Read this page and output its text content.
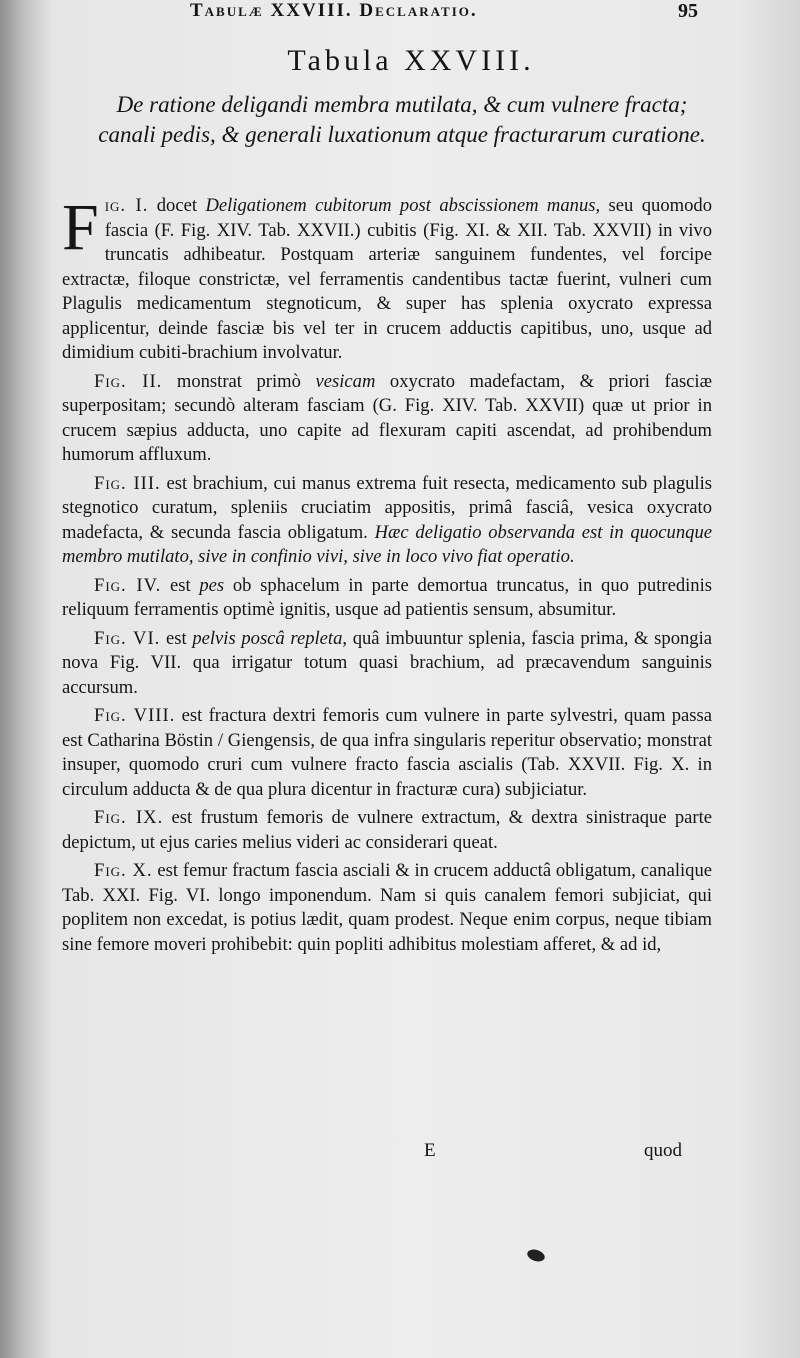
Tabulæ XXVIII. Declaratio.	95
Tabula XXVIII.
De ratione deligandi membra mutilata, & cum vulnere fracta; canali pedis, & generali luxationum atque fracturarum curatione.

Fig. I. docet Deligationem cubitorum post abscissionem manus, seu quomodo fascia (F. Fig. XIV. Tab. XXVII.) cubitis (Fig. XI. & XII. Tab. XXVII) in vivo truncatis adhibeatur. Postquam arteriæ sanguinem fundentes, vel forcipe extractæ, filoque constrictæ, vel ferramentis candentibus tactæ fuerint, vulneri cum Plagulis medicamentum stegnoticum, & super has splenia oxycrato expressa applicentur, deinde fasciæ bis vel ter in crucem adductis capitibus, uno, usque ad dimidium cubiti-brachium involvatur.

Fig. II. monstrat primò vesicam oxycrato madefactam, & priori fasciæ superpositam; secundò alteram fasciam (G. Fig. XIV. Tab. XXVII) quæ ut prior in crucem sæpius adducta, uno capite ad flexuram capiti ascendat, ad prohibendum humorum affluxum.

Fig. III. est brachium, cui manus extrema fuit resecta, medicamento sub plagulis stegnotico curatum, spleniis cruciatim appositis, primâ fasciâ, vesica oxycrato madefacta, & secunda fascia obligatum. Hæc deligatio observanda est in quocunque membro mutilato, sive in confinio vivi, sive in loco vivo fiat operatio.

Fig. IV. est pes ob sphacelum in parte demortua truncatus, in quo putredinis reliquum ferramentis optimè ignitis, usque ad patientis sensum, absumitur.

Fig. VI. est pelvis poscâ repleta, quâ imbuuntur splenia, fascia prima, & spongia nova Fig. VII. qua irrigatur totum quasi brachium, ad præcavendum sanguinis accursum.

Fig. VIII. est fractura dextri femoris cum vulnere in parte sylvestri, quam passa est Catharina Böstin / Giengensis, de qua infra singularis reperitur observatio; monstrat insuper, quomodo cruri cum vulnere fracto fascia ascialis (Tab. XXVII. Fig. X. in circulum adducta & de qua plura dicentur in fracturæ cura) subjiciatur.

Fig. IX. est frustum femoris de vulnere extractum, & dextra sinistraque parte depictum, ut ejus caries melius videri ac considerari queat.

Fig. X. est femur fractum fascia asciali & in crucem adductâ obligatum, canalique Tab. XXI. Fig. VI. longo imponendum. Nam si quis canalem femori subjiciat, qui poplitem non excedat, is potius lædit, quam prodest. Neque enim corpus, neque tibiam sine femore moveri prohibebit: quin popliti adhibitus molestiam afferet, & ad id,

E	quod
